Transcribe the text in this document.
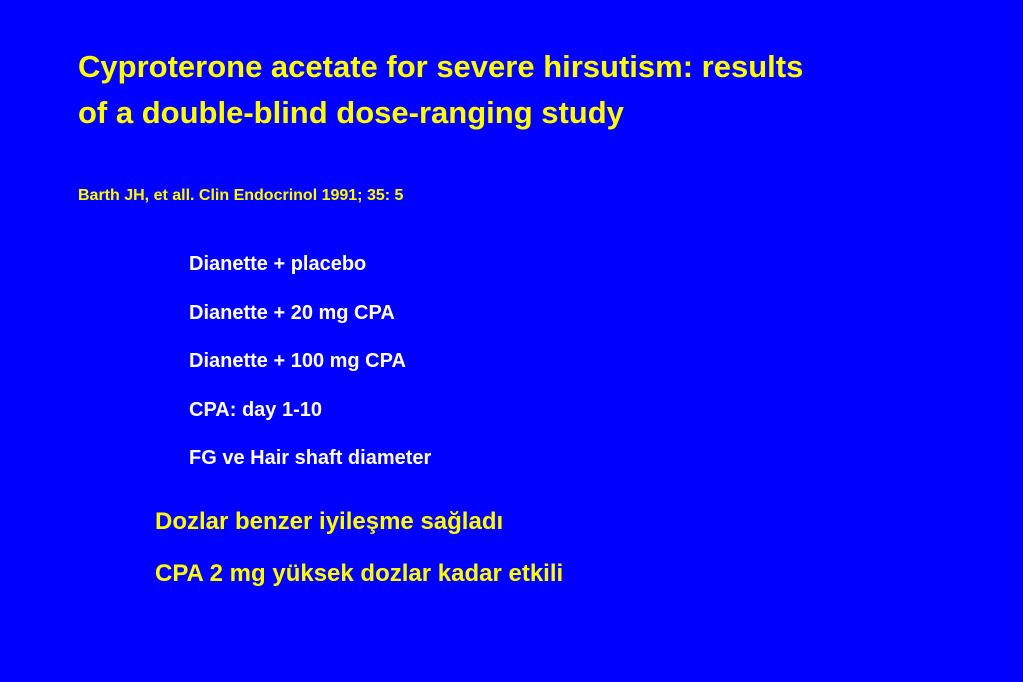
Cyproterone acetate for severe hirsutism: results
of a double-blind dose-ranging study
Barth JH, et all. Clin Endocrinol 1991; 35: 5
Dianette + placebo
Dianette + 20 mg CPA
Dianette + 100 mg CPA
CPA: day 1-10
FG ve Hair shaft diameter
Dozlar benzer iyileşme sağladı
CPA 2 mg yüksek dozlar kadar etkili
